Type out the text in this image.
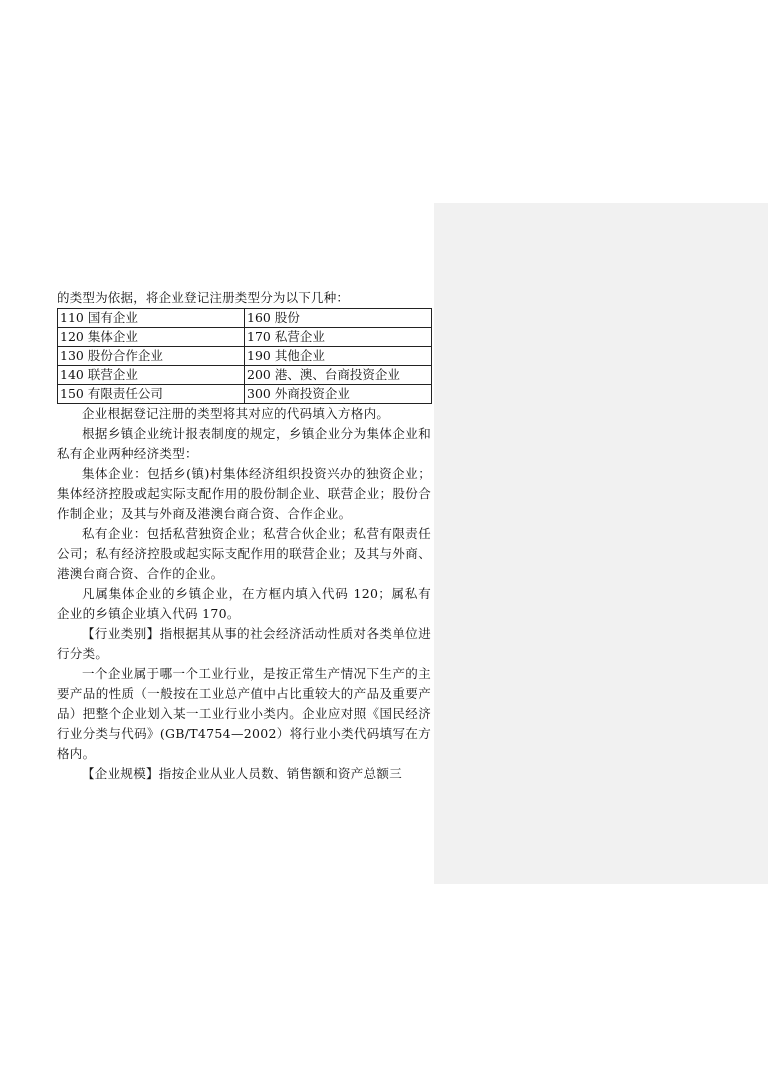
的类型为依据，将企业登记注册类型分为以下几种：

110 国有企业	160 股份
120 集体企业	170 私营企业
130 股份合作企业	190 其他企业
140 联营企业	200 港、澳、台商投资企业
150 有限责任公司	300 外商投资企业

企业根据登记注册的类型将其对应的代码填入方格内。

根据乡镇企业统计报表制度的规定，乡镇企业分为集体企业和私有企业两种经济类型：

集体企业：包括乡(镇)村集体经济组织投资兴办的独资企业；集体经济控股或起实际支配作用的股份制企业、联营企业；股份合作制企业；及其与外商及港澳台商合资、合作企业。

私有企业：包括私营独资企业；私营合伙企业；私营有限责任公司；私有经济控股或起实际支配作用的联营企业；及其与外商、港澳台商合资、合作的企业。

凡属集体企业的乡镇企业，在方框内填入代码 120；属私有企业的乡镇企业填入代码 170。

【行业类别】指根据其从事的社会经济活动性质对各类单位进行分类。

一个企业属于哪一个工业行业，是按正常生产情况下生产的主要产品的性质（一般按在工业总产值中占比重较大的产品及重要产品）把整个企业划入某一工业行业小类内。企业应对照《国民经济行业分类与代码》(GB/T4754—2002）将行业小类代码填写在方格内。

【企业规模】指按企业从业人员数、销售额和资产总额三
